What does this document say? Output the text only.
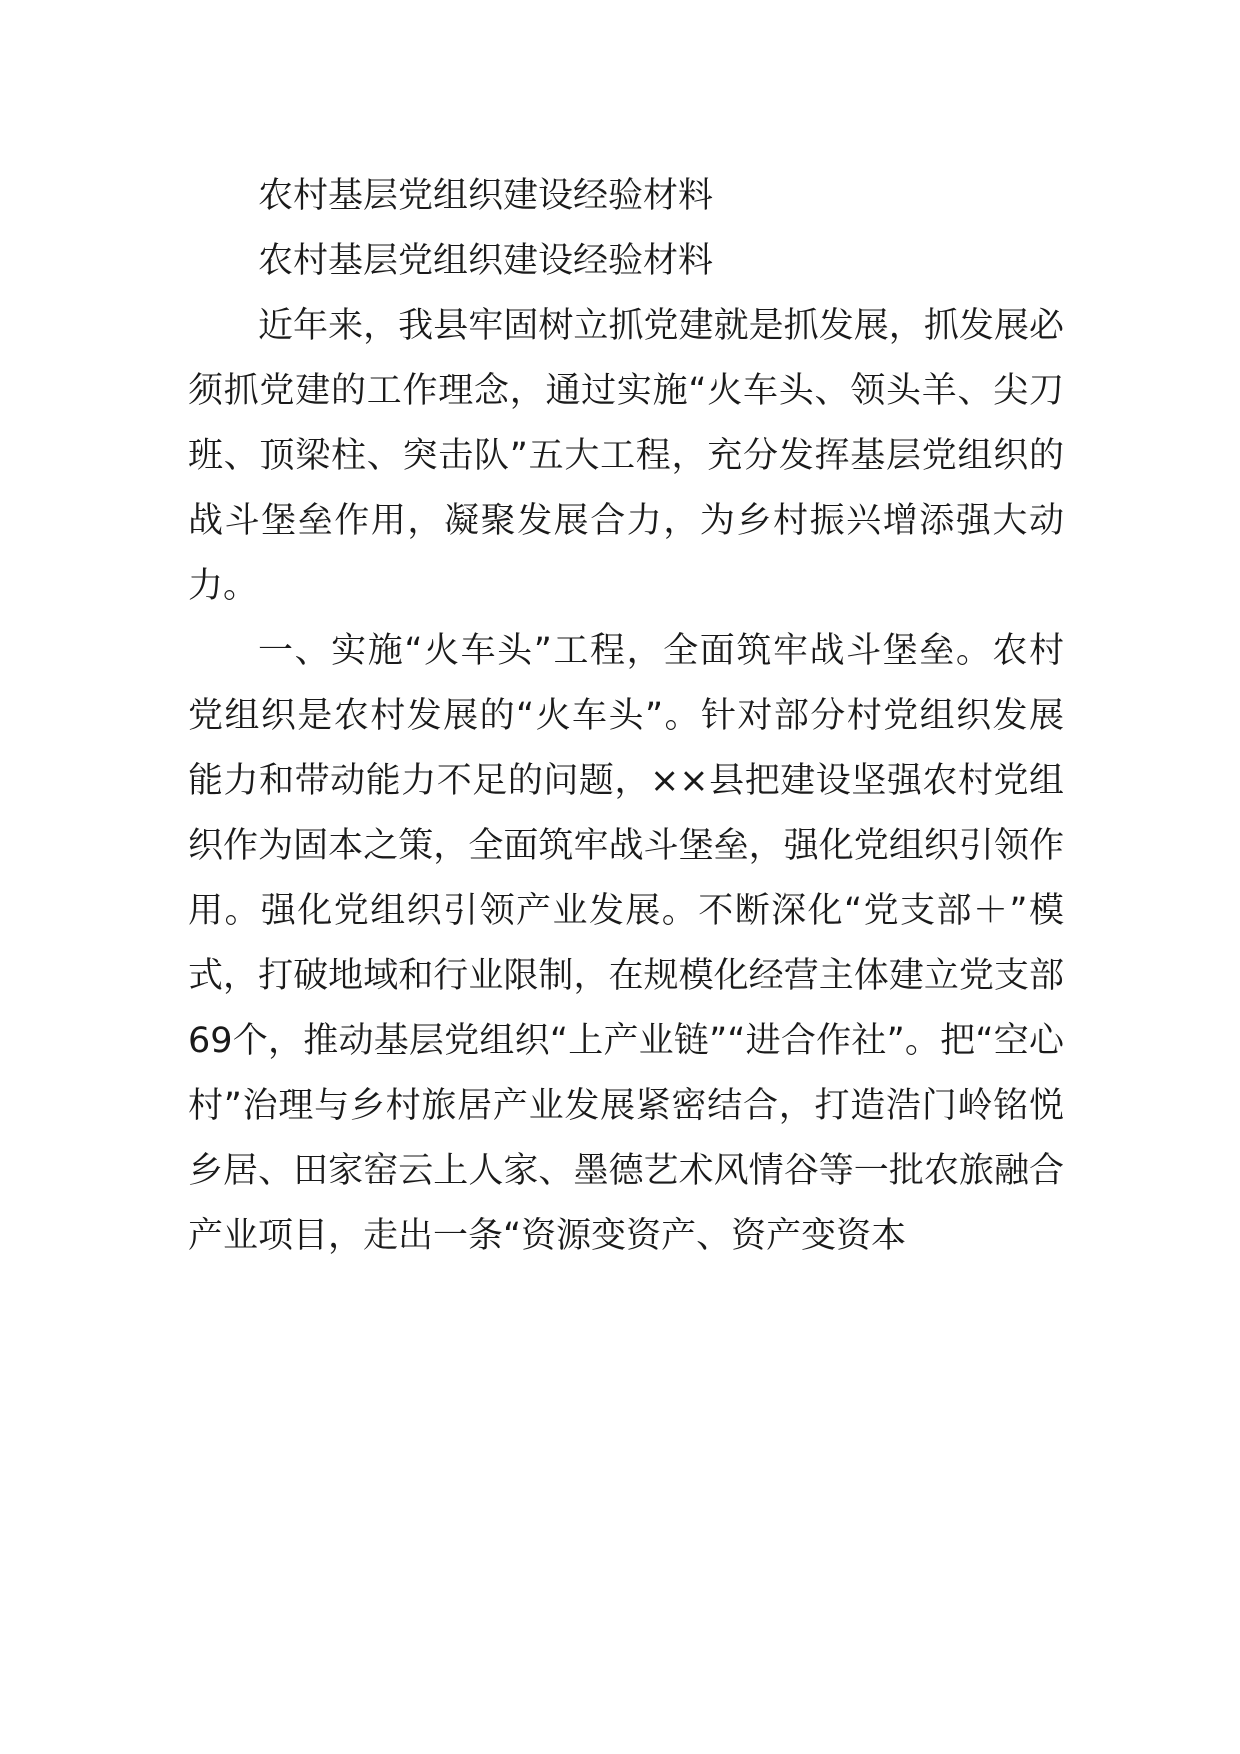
农村基层党组织建设经验材料

农村基层党组织建设经验材料

近年来，我县牢固树立抓党建就是抓发展，抓发展必须抓党建的工作理念，通过实施“火车头、领头羊、尖刀班、顶梁柱、突击队”五大工程，充分发挥基层党组织的战斗堡垒作用，凝聚发展合力，为乡村振兴增添强大动力。

一、实施“火车头”工程，全面筑牢战斗堡垒。农村党组织是农村发展的“火车头”。针对部分村党组织发展能力和带动能力不足的问题，××县把建设坚强农村党组织作为固本之策，全面筑牢战斗堡垒，强化党组织引领作用。强化党组织引领产业发展。不断深化“党支部＋”模式，打破地域和行业限制，在规模化经营主体建立党支部69个，推动基层党组织“上产业链”“进合作社”。把“空心村”治理与乡村旅居产业发展紧密结合，打造浩门岭铭悦乡居、田家窑云上人家、墨德艺术风情谷等一批农旅融合产业项目，走出一条“资源变资产、资产变资本
